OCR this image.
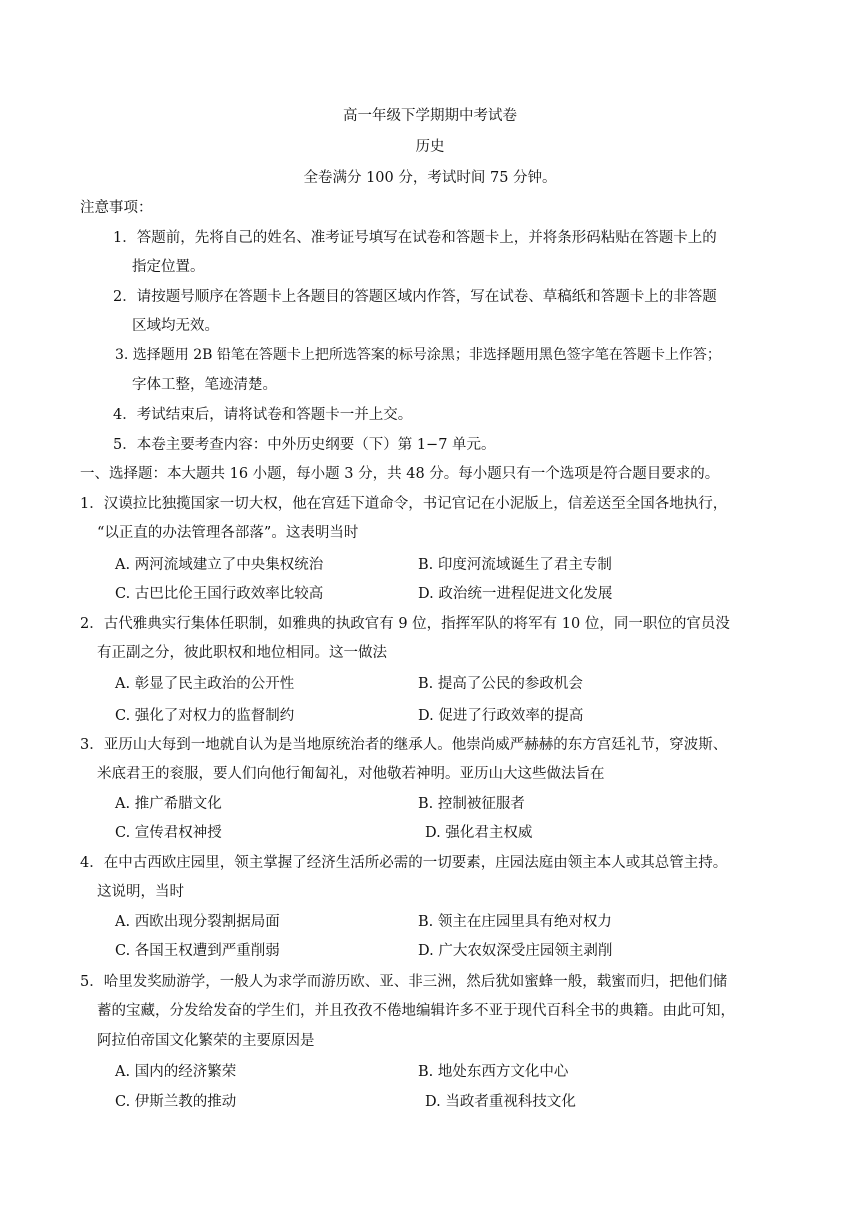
高一年级下学期期中考试卷
历史
全卷满分 100 分，考试时间 75 分钟。
注意事项：
1．答题前，先将自己的姓名、准考证号填写在试卷和答题卡上，并将条形码粘贴在答题卡上的
指定位置。
2．请按题号顺序在答题卡上各题目的答题区域内作答，写在试卷、草稿纸和答题卡上的非答题
区域均无效。
3. 选择题用 2B 铅笔在答题卡上把所选答案的标号涂黑；非选择题用黑色签字笔在答题卡上作答；
字体工整，笔迹清楚。
4．考试结束后，请将试卷和答题卡一并上交。
5．本卷主要考查内容：中外历史纲要（下）第 1−7 单元。
一、选择题：本大题共 16 小题，每小题 3 分，共 48 分。每小题只有一个选项是符合题目要求的。
1．汉谟拉比独揽国家一切大权，他在宫廷下道命令，书记官记在小泥版上，信差送至全国各地执行，
“以正直的办法管理各部落”。这表明当时
A. 两河流域建立了中央集权统治	B. 印度河流域诞生了君主专制
C. 古巴比伦王国行政效率比较高	D. 政治统一进程促进文化发展
2．古代雅典实行集体任职制，如雅典的执政官有 9 位，指挥军队的将军有 10 位，同一职位的官员没
有正副之分，彼此职权和地位相同。这一做法
A. 彰显了民主政治的公开性	B. 提高了公民的参政机会
C. 强化了对权力的监督制约	D. 促进了行政效率的提高
3．亚历山大每到一地就自认为是当地原统治者的继承人。他崇尚威严赫赫的东方宫廷礼节，穿波斯、
米底君王的衮服，要人们向他行匍匐礼，对他敬若神明。亚历山大这些做法旨在
A. 推广希腊文化	B. 控制被征服者
C. 宣传君权神授	D. 强化君主权威
4．在中古西欧庄园里，领主掌握了经济生活所必需的一切要素，庄园法庭由领主本人或其总管主持。
这说明，当时
A. 西欧出现分裂割据局面	B. 领主在庄园里具有绝对权力
C. 各国王权遭到严重削弱	D. 广大农奴深受庄园领主剥削
5．哈里发奖励游学，一般人为求学而游历欧、亚、非三洲，然后犹如蜜蜂一般，载蜜而归，把他们储
蓄的宝藏，分发给发奋的学生们，并且孜孜不倦地编辑许多不亚于现代百科全书的典籍。由此可知，
阿拉伯帝国文化繁荣的主要原因是
A. 国内的经济繁荣	B. 地处东西方文化中心
C. 伊斯兰教的推动	D. 当政者重视科技文化
